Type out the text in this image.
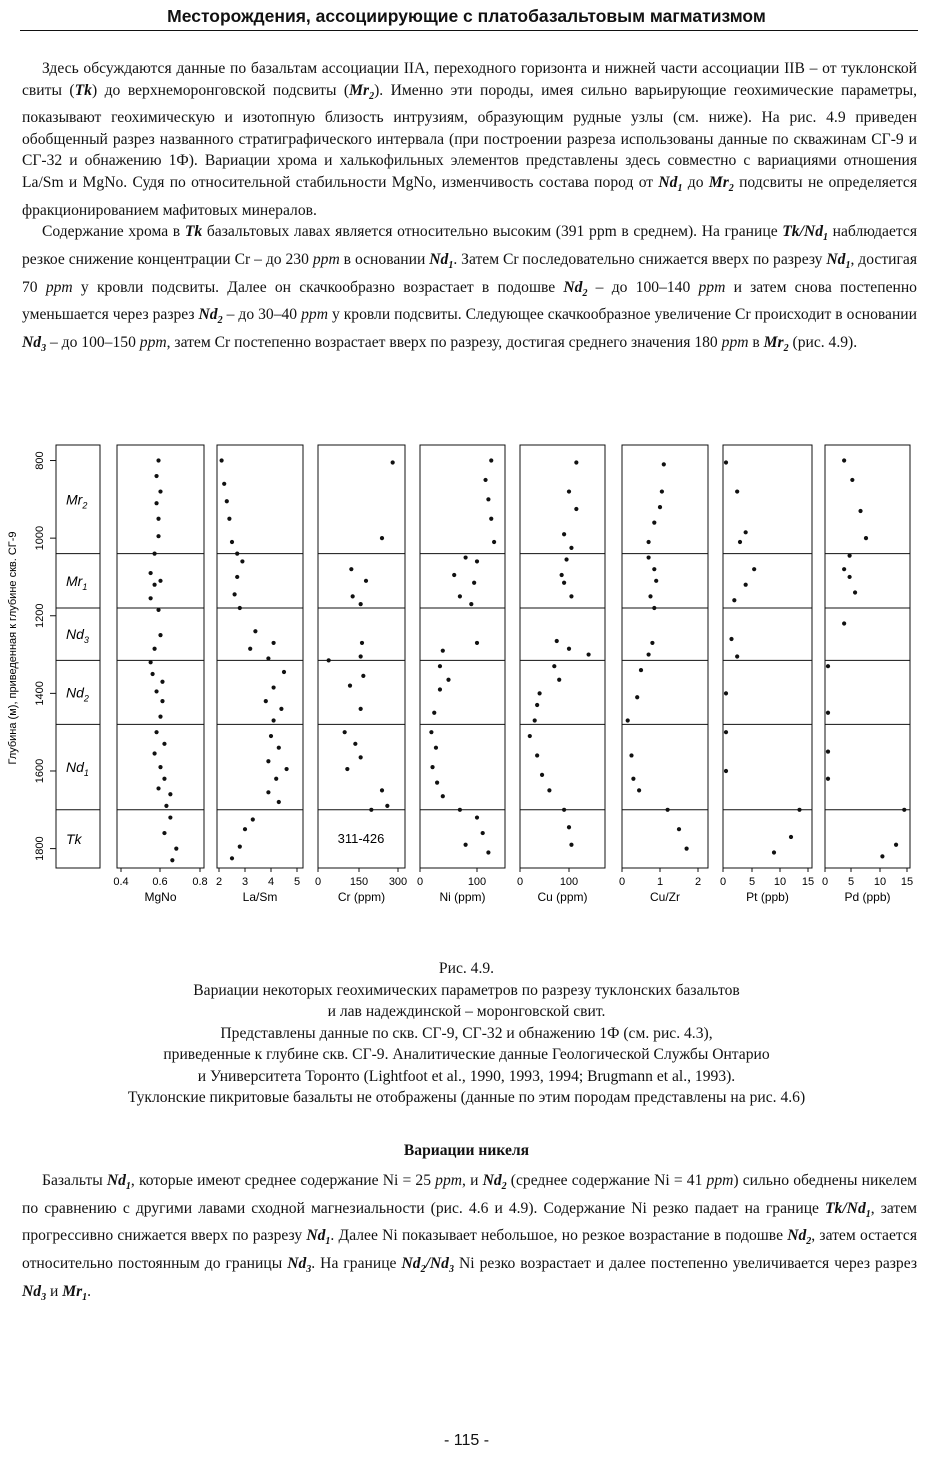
Месторождения, ассоциирующие с платобазальтовым магматизмом

Здесь обсуждаются данные по базальтам ассоциации IIA, переходного горизонта и нижней части ассоциации IIB – от туклонской свиты (Tk) до верхнеморонговской подсвиты $(Mr_2)$. Именно эти породы, имея сильно варьирующие геохимические параметры, показывают геохимическую и изотопную близость интрузиям, образующим рудные узлы (см. ниже). На рис. 4.9 приведен обобщенный разрез названного стратиграфического интервала (при построении разреза использованы данные по скважинам СГ-9 и СГ-32 и обнажению 1Ф). Вариации хрома и халькофильных элементов представлены здесь совместно с вариациями отношения La/Sm и MgNo. Судя по относительной стабильности MgNo, изменчивость состава пород от $Nd_1$ до $Mr_2$ подсвиты не определяется фракционированием мафитовых минералов.

Содержание хрома в Tk базальтовых лавах является относительно высоким (391 ppm в среднем). На границе $Tk/Nd_1$ наблюдается резкое снижение концентрации Cr – до 230 ppm в основании $Nd_1$. Затем Cr последовательно снижается вверх по разрезу $Nd_1$, достигая 70 ppm у кровли подсвиты. Далее он скачкообразно возрастает в подошве $Nd_2$ – до 100–140 ppm и затем снова постепенно уменьшается через разрез $Nd_2$ – до 30–40 ppm у кровли подсвиты. Следующее скачкообразное увеличение Cr происходит в основании $Nd_3$ – до 100–150 ppm, затем Cr постепенно возрастает вверх по разрезу, достигая среднего значения 180 ppm в $Mr_2$ (рис. 4.9).

Глубина (м), приведенная к глубине скв. СГ-9
800
1000
1200
1400
1600
1800
$Mr_2$
$Mr_1$
$Nd_3$
$Nd_2$
$Nd_1$
Tk
0.4 0.6 0.8
MgNo
2 3 4 5
La/Sm
0	150 300
Cr (ppm)
0	100
Ni (ppm)
0	100
Cu (ppm)
0	1	2
Cu/Zr
0 5 10 15
Pt (ppb)
0 5 10 15
Pd (ppb)
311-426
Рис. 4.9.
Вариации некоторых геохимических параметров по разрезу туклонских базальтов
и лав надеждинской – моронговской свит.
Представлены данные по скв. СГ-9, СГ-32 и обнажению 1Ф (см. рис. 4.3),
приведенные к глубине скв. СГ-9. Аналитические данные Геологической Службы Онтарио
и Университета Торонто (Lightfoot et al., 1990, 1993, 1994; Brugmann et al., 1993).
Туклонские пикритовые базальты не отображены (данные по этим породам представлены на рис. 4.6)
Вариации никеля

Базальты $Nd_1$, которые имеют среднее содержание Ni = 25 ppm, и $Nd_2$ (среднее содержание Ni = 41 ppm) сильно обеднены никелем по сравнению с другими лавами сходной магнезиальности (рис. 4.6 и 4.9). Содержание Ni резко падает на границе $Tk/Nd_1$, затем прогрессивно снижается вверх по разрезу $Nd_1$. Далее Ni показывает небольшое, но резкое возрастание в подошве $Nd_2$, затем остается относительно постоянным до границы $Nd_3$. На границе $Nd_2/Nd_3$ Ni резко возрастает и далее постепенно увеличивается через разрез $Nd_3$ и $Mr_1$.

- 115 -
